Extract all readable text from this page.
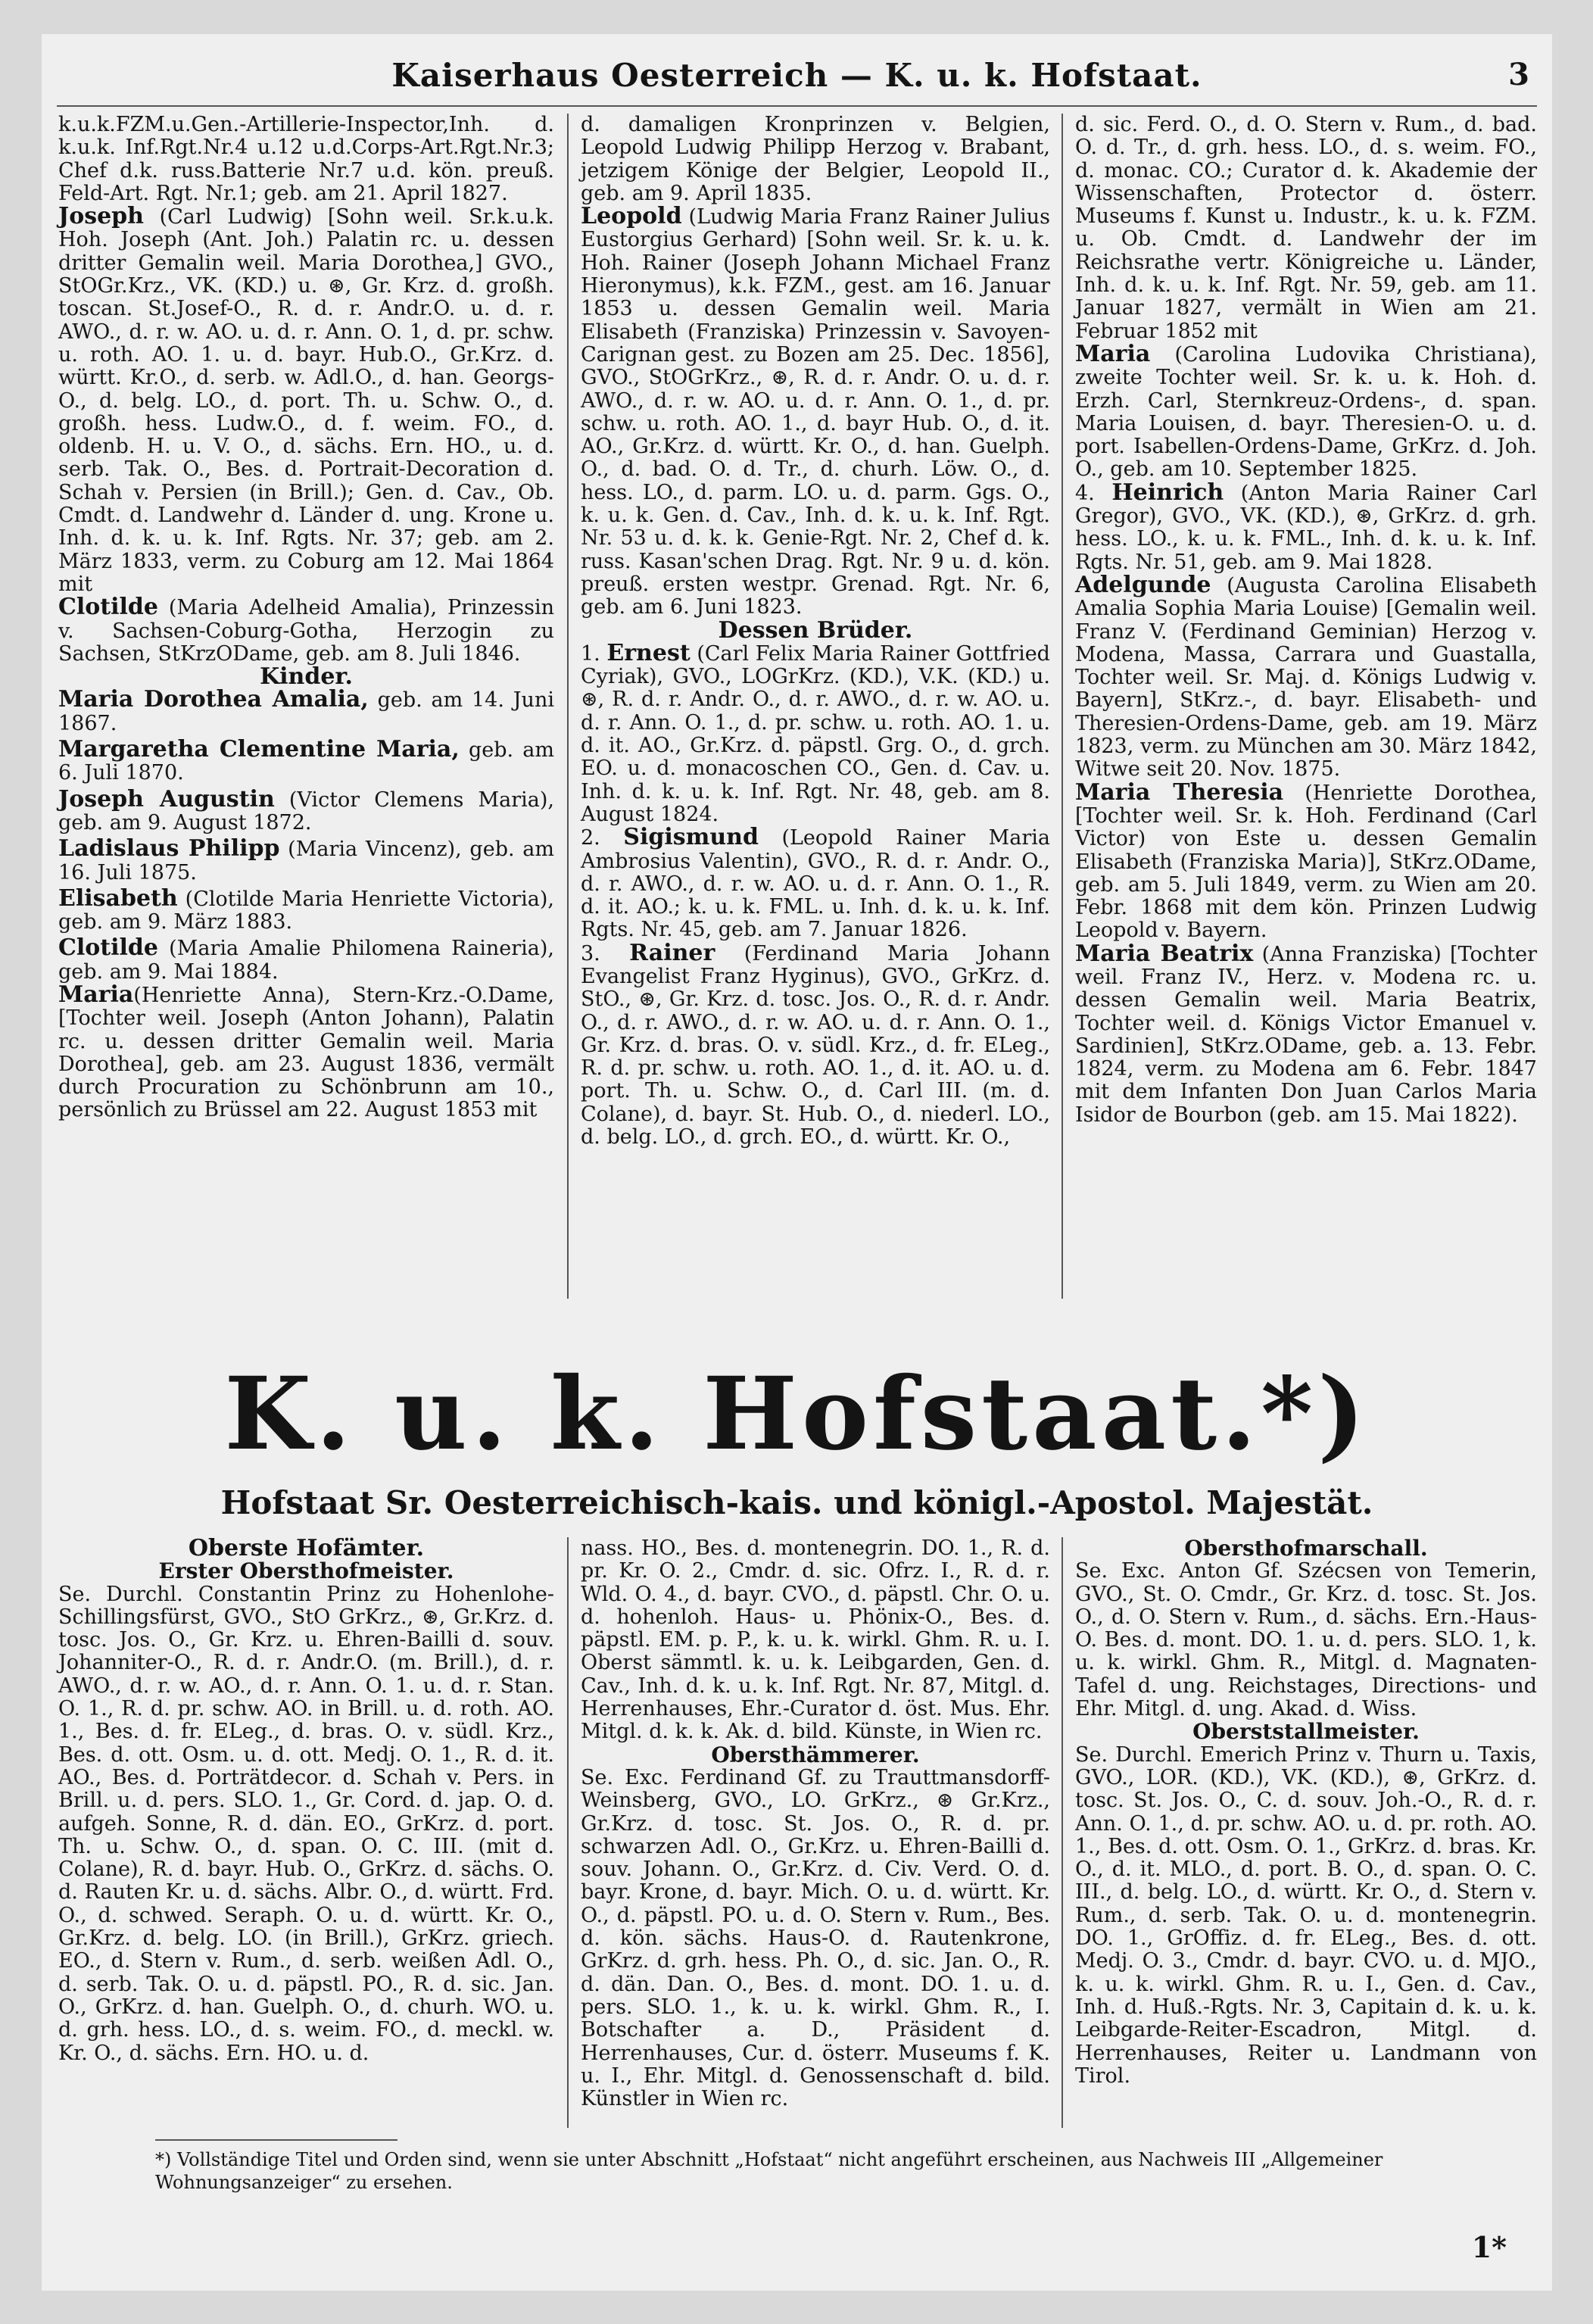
Kaiserhaus Oesterreich — K. u. k. Hofstaat.	3

k.u.k.FZM.u.Gen.-Artillerie-Inspector,Inh. d. k.u.k. Inf.Rgt.Nr.4 u.12 u.d.Corps-Art.Rgt.Nr.3; Chef d.k. russ.Batterie Nr.7 u.d. kön. preuß. Feld-Art. Rgt. Nr.1; geb. am 21. April 1827.

Joseph (Carl Ludwig) [Sohn weil. Sr.k.u.k. Hoh. Joseph (Ant. Joh.) Palatin rc. u. dessen dritter Gemalin weil. Maria Dorothea,] GVO., StOGr.Krz., VK. (KD.) u. ⊛, Gr. Krz. d. großh. toscan. St.Josef-O., R. d. r. Andr.O. u. d. r. AWO., d. r. w. AO. u. d. r. Ann. O. 1, d. pr. schw. u. roth. AO. 1. u. d. bayr. Hub.O., Gr.Krz. d. württ. Kr.O., d. serb. w. Adl.O., d. han. Georgs-O., d. belg. LO., d. port. Th. u. Schw. O., d. großh. hess. Ludw.O., d. f. weim. FO., d. oldenb. H. u. V. O., d. sächs. Ern. HO., u. d. serb. Tak. O., Bes. d. Portrait-Decoration d. Schah v. Persien (in Brill.); Gen. d. Cav., Ob. Cmdt. d. Landwehr d. Länder d. ung. Krone u. Inh. d. k. u. k. Inf. Rgts. Nr. 37; geb. am 2. März 1833, verm. zu Coburg am 12. Mai 1864 mit

Clotilde (Maria Adelheid Amalia), Prinzessin v. Sachsen-Coburg-Gotha, Herzogin zu Sachsen, StKrzODame, geb. am 8. Juli 1846.

Kinder.

Maria Dorothea Amalia, geb. am 14. Juni 1867.

Margaretha Clementine Maria, geb. am 6. Juli 1870.

Joseph Augustin (Victor Clemens Maria), geb. am 9. August 1872.

Ladislaus Philipp (Maria Vincenz), geb. am 16. Juli 1875.

Elisabeth (Clotilde Maria Henriette Victoria), geb. am 9. März 1883.

Clotilde (Maria Amalie Philomena Raineria), geb. am 9. Mai 1884.

Maria(Henriette Anna), Stern-Krz.-O.Dame, [Tochter weil. Joseph (Anton Johann), Palatin rc. u. dessen dritter Gemalin weil. Maria Dorothea], geb. am 23. August 1836, vermält durch Procuration zu Schönbrunn am 10., persönlich zu Brüssel am 22. August 1853 mit

d. damaligen Kronprinzen v. Belgien, Leopold Ludwig Philipp Herzog v. Brabant, jetzigem Könige der Belgier, Leopold II., geb. am 9. April 1835.

Leopold (Ludwig Maria Franz Rainer Julius Eustorgius Gerhard) [Sohn weil. Sr. k. u. k. Hoh. Rainer (Joseph Johann Michael Franz Hieronymus), k.k. FZM., gest. am 16. Januar 1853 u. dessen Gemalin weil. Maria Elisabeth (Franziska) Prinzessin v. Savoyen-Carignan gest. zu Bozen am 25. Dec. 1856], GVO., StOGrKrz., ⊛, R. d. r. Andr. O. u. d. r. AWO., d. r. w. AO. u. d. r. Ann. O. 1., d. pr. schw. u. roth. AO. 1., d. bayr Hub. O., d. it. AO., Gr.Krz. d. württ. Kr. O., d. han. Guelph. O., d. bad. O. d. Tr., d. churh. Löw. O., d. hess. LO., d. parm. LO. u. d. parm. Ggs. O., k. u. k. Gen. d. Cav., Inh. d. k. u. k. Inf. Rgt. Nr. 53 u. d. k. k. Genie-Rgt. Nr. 2, Chef d. k. russ. Kasan'schen Drag. Rgt. Nr. 9 u. d. kön. preuß. ersten westpr. Grenad. Rgt. Nr. 6, geb. am 6. Juni 1823.

Dessen Brüder.

1. Ernest (Carl Felix Maria Rainer Gottfried Cyriak), GVO., LOGrKrz. (KD.), V.K. (KD.) u. ⊛, R. d. r. Andr. O., d. r. AWO., d. r. w. AO. u. d. r. Ann. O. 1., d. pr. schw. u. roth. AO. 1. u. d. it. AO., Gr.Krz. d. päpstl. Grg. O., d. grch. EO. u. d. monacoschen CO., Gen. d. Cav. u. Inh. d. k. u. k. Inf. Rgt. Nr. 48, geb. am 8. August 1824.

2. Sigismund (Leopold Rainer Maria Ambrosius Valentin), GVO., R. d. r. Andr. O., d. r. AWO., d. r. w. AO. u. d. r. Ann. O. 1., R. d. it. AO.; k. u. k. FML. u. Inh. d. k. u. k. Inf. Rgts. Nr. 45, geb. am 7. Januar 1826.

3. Rainer (Ferdinand Maria Johann Evangelist Franz Hyginus), GVO., GrKrz. d. StO., ⊛, Gr. Krz. d. tosc. Jos. O., R. d. r. Andr. O., d. r. AWO., d. r. w. AO. u. d. r. Ann. O. 1., Gr. Krz. d. bras. O. v. südl. Krz., d. fr. ELeg., R. d. pr. schw. u. roth. AO. 1., d. it. AO. u. d. port. Th. u. Schw. O., d. Carl III. (m. d. Colane), d. bayr. St. Hub. O., d. niederl. LO., d. belg. LO., d. grch. EO., d. württ. Kr. O.,

d. sic. Ferd. O., d. O. Stern v. Rum., d. bad. O. d. Tr., d. grh. hess. LO., d. s. weim. FO., d. monac. CO.; Curator d. k. Akademie der Wissenschaften, Protector d. österr. Museums f. Kunst u. Industr., k. u. k. FZM. u. Ob. Cmdt. d. Landwehr der im Reichsrathe vertr. Königreiche u. Länder, Inh. d. k. u. k. Inf. Rgt. Nr. 59, geb. am 11. Januar 1827, vermält in Wien am 21. Februar 1852 mit

Maria (Carolina Ludovika Christiana), zweite Tochter weil. Sr. k. u. k. Hoh. d. Erzh. Carl, Sternkreuz-Ordens-, d. span. Maria Louisen, d. bayr. Theresien-O. u. d. port. Isabellen-Ordens-Dame, GrKrz. d. Joh. O., geb. am 10. September 1825.

4. Heinrich (Anton Maria Rainer Carl Gregor), GVO., VK. (KD.), ⊛, GrKrz. d. grh. hess. LO., k. u. k. FML., Inh. d. k. u. k. Inf. Rgts. Nr. 51, geb. am 9. Mai 1828.

Adelgunde (Augusta Carolina Elisabeth Amalia Sophia Maria Louise) [Gemalin weil. Franz V. (Ferdinand Geminian) Herzog v. Modena, Massa, Carrara und Guastalla, Tochter weil. Sr. Maj. d. Königs Ludwig v. Bayern], StKrz.-, d. bayr. Elisabeth- und Theresien-Ordens-Dame, geb. am 19. März 1823, verm. zu München am 30. März 1842, Witwe seit 20. Nov. 1875.

Maria Theresia (Henriette Dorothea, [Tochter weil. Sr. k. Hoh. Ferdinand (Carl Victor) von Este u. dessen Gemalin Elisabeth (Franziska Maria)], StKrz.ODame, geb. am 5. Juli 1849, verm. zu Wien am 20. Febr. 1868 mit dem kön. Prinzen Ludwig Leopold v. Bayern.

Maria Beatrix (Anna Franziska) [Tochter weil. Franz IV., Herz. v. Modena rc. u. dessen Gemalin weil. Maria Beatrix, Tochter weil. d. Königs Victor Emanuel v. Sardinien], StKrz.ODame, geb. a. 13. Febr. 1824, verm. zu Modena am 6. Febr. 1847 mit dem Infanten Don Juan Carlos Maria Isidor de Bourbon (geb. am 15. Mai 1822).

K. u. k. Hofstaat.*)
Hofstaat Sr. Oesterreichisch-kais. und königl.-Apostol. Majestät.

Oberste Hofämter.

Erster Obersthofmeister.

Se. Durchl. Constantin Prinz zu Hohenlohe-Schillingsfürst, GVO., StO GrKrz., ⊛, Gr.Krz. d. tosc. Jos. O., Gr. Krz. u. Ehren-Bailli d. souv. Johanniter-O., R. d. r. Andr.O. (m. Brill.), d. r. AWO., d. r. w. AO., d. r. Ann. O. 1. u. d. r. Stan. O. 1., R. d. pr. schw. AO. in Brill. u. d. roth. AO. 1., Bes. d. fr. ELeg., d. bras. O. v. südl. Krz., Bes. d. ott. Osm. u. d. ott. Medj. O. 1., R. d. it. AO., Bes. d. Porträtdecor. d. Schah v. Pers. in Brill. u. d. pers. SLO. 1., Gr. Cord. d. jap. O. d. aufgeh. Sonne, R. d. dän. EO., GrKrz. d. port. Th. u. Schw. O., d. span. O. C. III. (mit d. Colane), R. d. bayr. Hub. O., GrKrz. d. sächs. O. d. Rauten Kr. u. d. sächs. Albr. O., d. württ. Frd. O., d. schwed. Seraph. O. u. d. württ. Kr. O., Gr.Krz. d. belg. LO. (in Brill.), GrKrz. griech. EO., d. Stern v. Rum., d. serb. weißen Adl. O., d. serb. Tak. O. u. d. päpstl. PO., R. d. sic. Jan. O., GrKrz. d. han. Guelph. O., d. churh. WO. u. d. grh. hess. LO., d. s. weim. FO., d. meckl. w. Kr. O., d. sächs. Ern. HO. u. d.

nass. HO., Bes. d. montenegrin. DO. 1., R. d. pr. Kr. O. 2., Cmdr. d. sic. Ofrz. I., R. d. r. Wld. O. 4., d. bayr. CVO., d. päpstl. Chr. O. u. d. hohenloh. Haus- u. Phönix-O., Bes. d. päpstl. EM. p. P., k. u. k. wirkl. Ghm. R. u. I. Oberst sämmtl. k. u. k. Leibgarden, Gen. d. Cav., Inh. d. k. u. k. Inf. Rgt. Nr. 87, Mitgl. d. Herrenhauses, Ehr.-Curator d. öst. Mus. Ehr. Mitgl. d. k. k. Ak. d. bild. Künste, in Wien rc.

Obersthämmerer.

Se. Exc. Ferdinand Gf. zu Trauttmansdorff-Weinsberg, GVO., LO. GrKrz., ⊛ Gr.Krz., Gr.Krz. d. tosc. St. Jos. O., R. d. pr. schwarzen Adl. O., Gr.Krz. u. Ehren-Bailli d. souv. Johann. O., Gr.Krz. d. Civ. Verd. O. d. bayr. Krone, d. bayr. Mich. O. u. d. württ. Kr. O., d. päpstl. PO. u. d. O. Stern v. Rum., Bes. d. kön. sächs. Haus-O. d. Rautenkrone, GrKrz. d. grh. hess. Ph. O., d. sic. Jan. O., R. d. dän. Dan. O., Bes. d. mont. DO. 1. u. d. pers. SLO. 1., k. u. k. wirkl. Ghm. R., I. Botschafter a. D., Präsident d. Herrenhauses, Cur. d. österr. Museums f. K. u. I., Ehr. Mitgl. d. Genossenschaft d. bild. Künstler in Wien rc.

Obersthofmarschall.

Se. Exc. Anton Gf. Szécsen von Temerin, GVO., St. O. Cmdr., Gr. Krz. d. tosc. St. Jos. O., d. O. Stern v. Rum., d. sächs. Ern.-Haus-O. Bes. d. mont. DO. 1. u. d. pers. SLO. 1, k. u. k. wirkl. Ghm. R., Mitgl. d. Magnaten-Tafel d. ung. Reichstages, Directions- und Ehr. Mitgl. d. ung. Akad. d. Wiss.

Oberststallmeister.

Se. Durchl. Emerich Prinz v. Thurn u. Taxis, GVO., LOR. (KD.), VK. (KD.), ⊛, GrKrz. d. tosc. St. Jos. O., C. d. souv. Joh.-O., R. d. r. Ann. O. 1., d. pr. schw. AO. u. d. pr. roth. AO. 1., Bes. d. ott. Osm. O. 1., GrKrz. d. bras. Kr. O., d. it. MLO., d. port. B. O., d. span. O. C. III., d. belg. LO., d. württ. Kr. O., d. Stern v. Rum., d. serb. Tak. O. u. d. montenegrin. DO. 1., GrOffiz. d. fr. ELeg., Bes. d. ott. Medj. O. 3., Cmdr. d. bayr. CVO. u. d. MJO., k. u. k. wirkl. Ghm. R. u. I., Gen. d. Cav., Inh. d. Huß.-Rgts. Nr. 3, Capitain d. k. u. k. Leibgarde-Reiter-Escadron, Mitgl. d. Herrenhauses, Reiter u. Landmann von Tirol.

*) Vollständige Titel und Orden sind, wenn sie unter Abschnitt „Hofstaat“ nicht angeführt erscheinen, aus Nachweis III „Allgemeiner Wohnungsanzeiger“ zu ersehen.
1*
